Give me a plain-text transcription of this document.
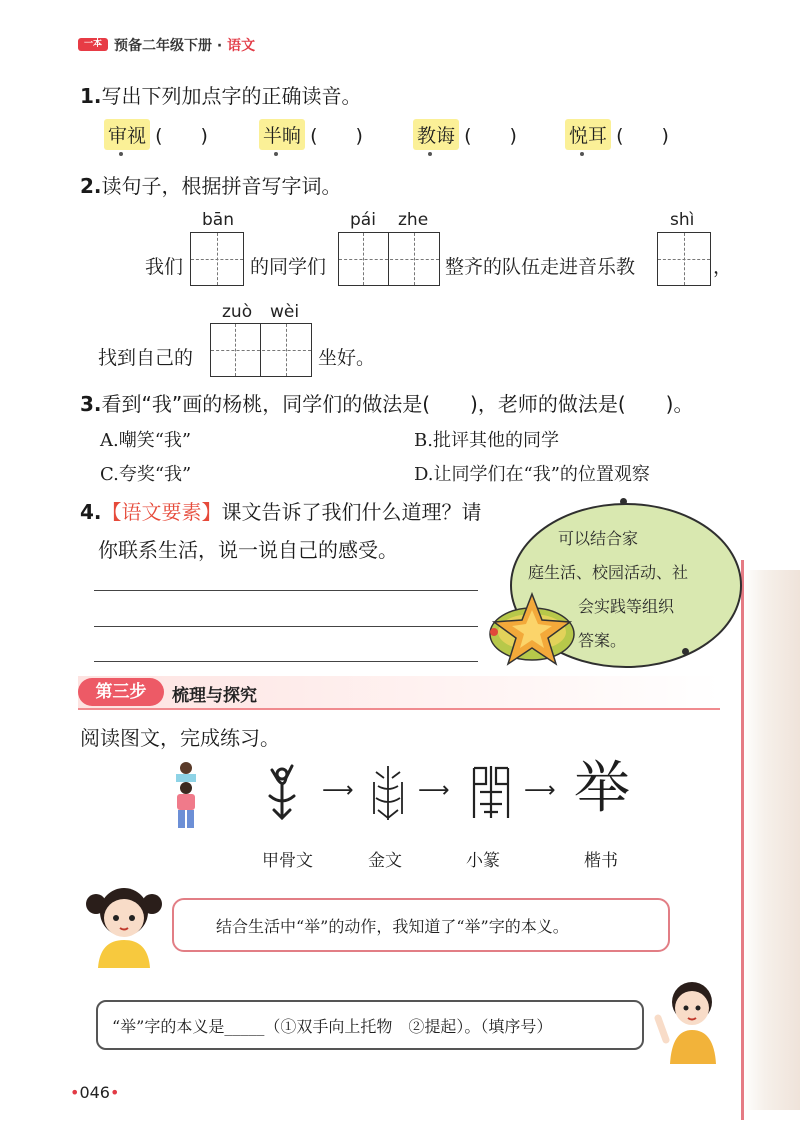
一本 预备二年级下册 · 语文
1.写出下列加点字的正确读音。
审视 (　　)	半晌 (　　)	教诲 (　　)	悦耳 (　　)
2.读句子，根据拼音写字词。
bān	pái zhe	shì
我们	的同学们	整齐的队伍走进音乐教	，
zuò wèi
找到自己的	坐好。
3.看到“我”画的杨桃，同学们的做法是(　　)，老师的做法是(　　)。
A.嘲笑“我”	B.批评其他的同学
C.夸奖“我”	D.让同学们在“我”的位置观察
4.【语文要素】课文告诉了我们什么道理？请
你联系生活，说一说自己的感受。	可以结合家
庭生活、校园活动、社
会实践等组织
答案。
第三步	梳理与探究
阅读图文，完成练习。
⟶	⟶	⟶ 举
甲骨文	金文	小篆	楷书
结合生活中“举”的动作，我知道了“举”字的本义。
“举”字的本义是_____（①双手向上托物　②提起）。（填序号）
•046•
